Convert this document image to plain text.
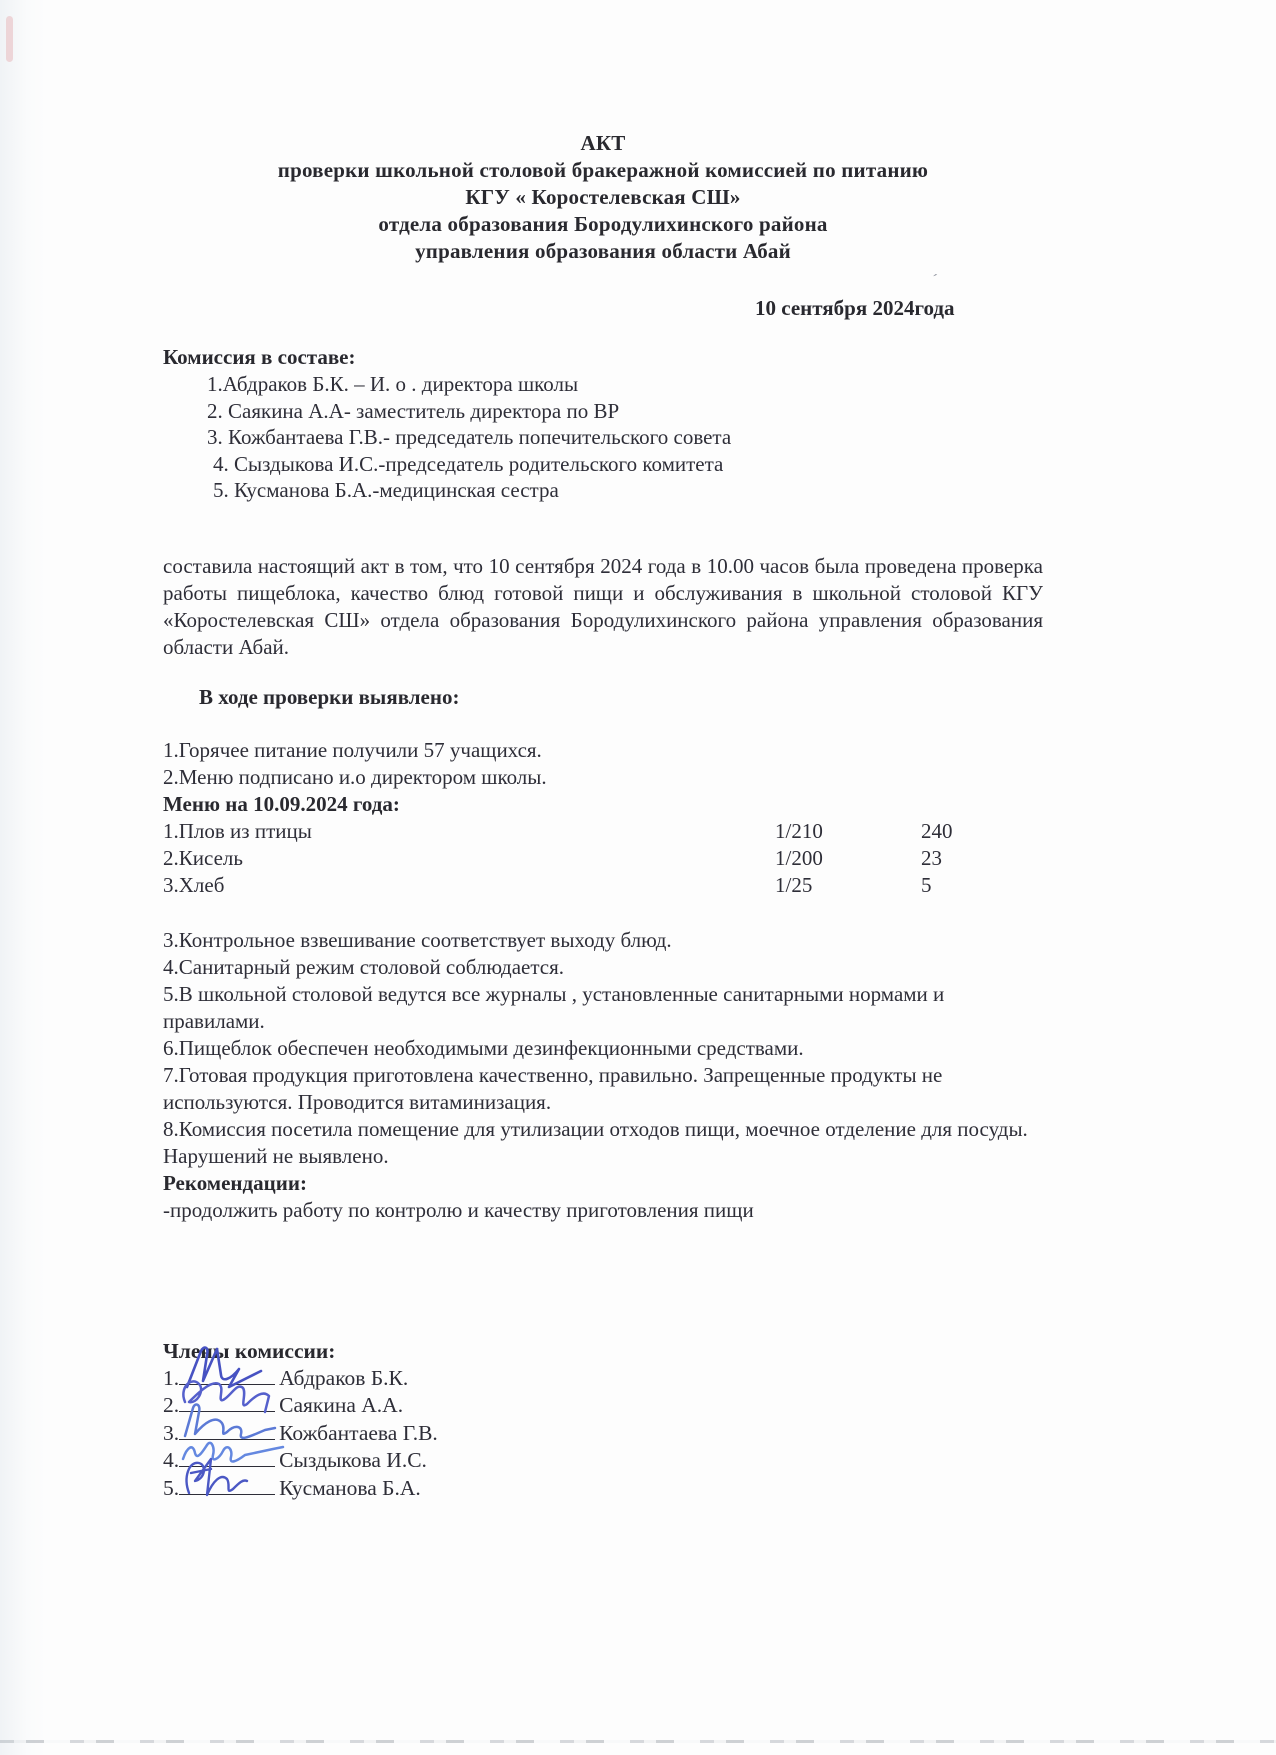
´
АКТ
проверки школьной столовой бракеражной комиссией по питанию
КГУ « Коростелевская СШ»
отдела образования Бородулихинского района
управления образования области Абай
10 сентября 2024года
Комиссия в составе:
1.Абдраков Б.К. – И. о . директора школы
2. Саякина А.А- заместитель директора по ВР
3. Кожбантаева Г.В.- председатель попечительского совета
4. Сыздыкова И.С.-председатель родительского комитета
5. Кусманова Б.А.-медицинская сестра
составила настоящий акт в том, что 10 сентября 2024 года в 10.00 часов была проведена проверка работы пищеблока, качество блюд готовой пищи и обслуживания в школьной столовой КГУ «Коростелевская СШ» отдела образования Бородулихинского района управления образования области Абай.
В ходе проверки выявлено:
1.Горячее питание получили 57 учащихся.
2.Меню подписано и.о директором школы.
Меню на 10.09.2024 года:
1.Плов из птицы	1/210	240
2.Кисель	1/200	23
3.Хлеб	1/25	5
3.Контрольное взвешивание соответствует выходу блюд.
4.Санитарный режим столовой соблюдается.
5.В школьной столовой ведутся все журналы , установленные санитарными нормами и правилами.
6.Пищеблок обеспечен необходимыми дезинфекционными средствами.
7.Готовая продукция приготовлена качественно, правильно. Запрещенные продукты не используются. Проводится витаминизация.
8.Комиссия посетила помещение для утилизации отходов пищи, моечное отделение для посуды. Нарушений не выявлено.
Рекомендации:
-продолжить работу по контролю и качеству приготовления пищи
Члены комиссии:
1.	Абдраков Б.К.
2.	Саякина А.А.
3.	Кожбантаева Г.В.
4.	Сыздыкова И.С.
5.	Кусманова Б.А.
